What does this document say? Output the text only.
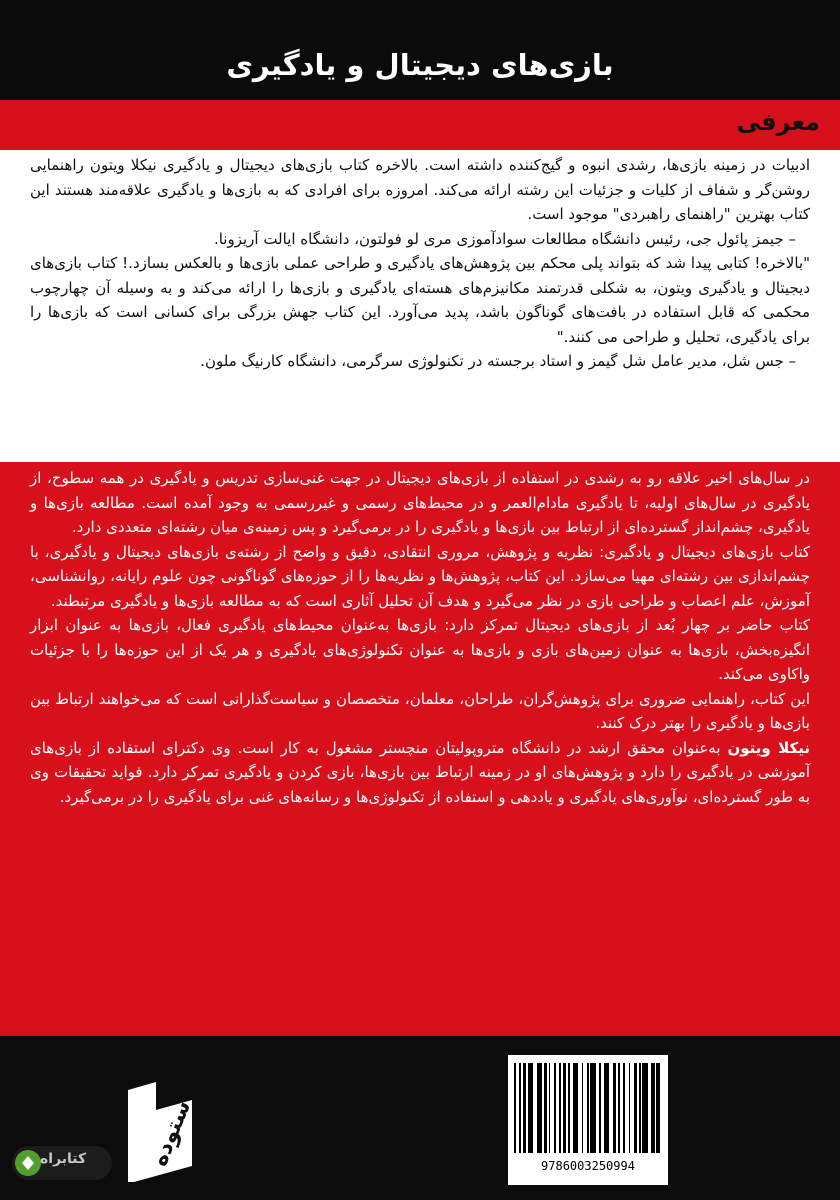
بازی‌های دیجیتال و یادگیری
معرفی

ادبیات در زمینه بازی‌ها، رشدی انبوه و گیج‌کننده داشته است. بالاخره کتاب بازی‌های دیجیتال و یادگیری نیکلا ویتون راهنمایی روشن‌گر و شفاف از کلیات و جزئیات این رشته ارائه می‌کند. امروزه برای افرادی که به بازی‌ها و یادگیری علاقه‌مند هستند این کتاب بهترین "راهنمای راهبردی" موجود است.

– جیمز پائول جی، رئیس دانشگاه مطالعات سوادآموزی مری لو فولتون، دانشگاه ایالت آریزونا.

"بالاخره! کتابی پیدا شد که بتواند پلی محکم بین پژوهش‌های یادگیری و طراحی عملی بازی‌ها و بالعکس بسازد.! کتاب بازی‌های دیجیتال و یادگیری ویتون، به شکلی قدرتمند مکانیزم‌های هسته‌ای یادگیری و بازی‌ها را ارائه می‌کند و به وسیله آن چهارچوب محکمی که قابل استفاده در بافت‌های گوناگون باشد، پدید می‌آورد. این کتاب جهش بزرگی برای کسانی است که بازی‌ها را برای یادگیری، تحلیل و طراحی می کنند."

– جس شل، مدیر عامل شل گیمز و استاد برجسته در تکنولوژی سرگرمی، دانشگاه کارنیگ ملون.

در سال‌های اخیر علاقه رو به رشدی در استفاده از بازی‌های دیجیتال در جهت غنی‌سازی تدریس و یادگیری در همه سطوح، از یادگیری در سال‌های اولیه، تا یادگیری مادام‌العمر و در محیط‌های رسمی و غیررسمی به وجود آمده است. مطالعه بازی‌ها و یادگیری، چشم‌انداز گسترده‌ای از ارتباط بین بازی‌ها و یادگیری را در برمی‌گیرد و پس زمینه‌ی میان رشته‌ای متعددی دارد.

کتاب بازی‌های دیجیتال و یادگیری: نظریه و پژوهش، مروری انتقادی، دقیق و واضح از رشته‌ی بازی‌های دیجیتال و یادگیری، با چشم‌اندازی بین رشته‌ای مهیا می‌سازد. این کتاب، پژوهش‌ها و نظریه‌ها را از حوزه‌های گوناگونی چون علوم رایانه، روانشناسی، آموزش، علم اعصاب و طراحی بازی در نظر می‌گیرد و هدف آن تحلیل آثاری است که به مطالعه بازی‌ها و یادگیری مرتبطند.

کتاب حاضر بر چهار بُعد از بازی‌های دیجیتال تمرکز دارد: بازی‌ها به‌عنوان محیط‌های یادگیری فعال، بازی‌ها به عنوان ابزار انگیزه‌بخش، بازی‌ها به عنوان زمین‌های بازی و بازی‌ها به عنوان تکنولوژی‌های یادگیری و هر یک از این حوزه‌ها را با جزئیات واکاوی می‌کند.

این کتاب، راهنمایی ضروری برای پژوهش‌گران، طراحان، معلمان، متخصصان و سیاست‌گذارانی است که می‌خواهند ارتباط بین بازی‌ها و یادگیری را بهتر درک کنند.

نیکلا ویتون به‌عنوان محقق ارشد در دانشگاه متروپولیتان منچستر مشغول به کار است. وی دکترای استفاده از بازی‌های آموزشی در یادگیری را دارد و پژوهش‌های او در زمینه ارتباط بین بازی‌ها، بازی کردن و یادگیری تمرکز دارد. فواید تحقیقات وی به طور گسترده‌ای، نوآوری‌های یادگیری و یاددهی و استفاده از تکنولوژی‌ها و رسانه‌های غنی برای یادگیری را در برمی‌گیرد.

ستوده
کتابراه	9786003250994
